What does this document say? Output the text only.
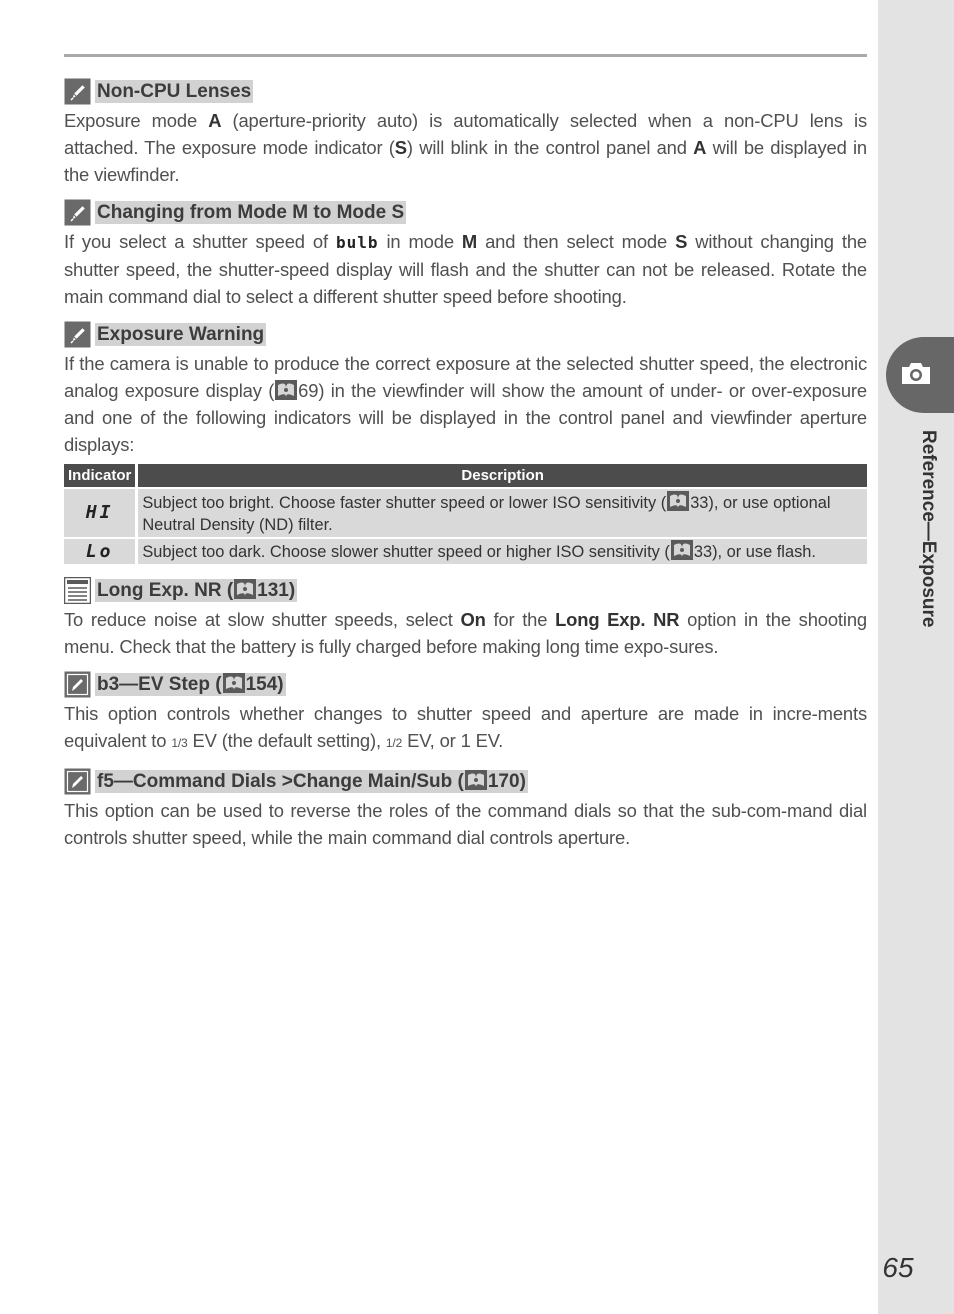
Non-CPU Lenses

Exposure mode A (aperture-priority auto) is automatically selected when a non-CPU lens is attached. The exposure mode indicator (S) will blink in the control panel and A will be displayed in the viewfinder.

Changing from Mode M to Mode S

If you select a shutter speed of bulb in mode M and then select mode S without changing the shutter speed, the shutter-speed display will flash and the shutter can not be released. Rotate the main command dial to select a different shutter speed before shooting.

Exposure Warning

If the camera is unable to produce the correct exposure at the selected shutter speed, the electronic analog exposure display ( 69) in the viewfinder will show the amount of under- or over-exposure and one of the following indicators will be displayed in the control panel and viewfinder aperture displays:

Indicator	Description
HI	Subject too bright. Choose faster shutter speed or lower ISO sensitivity ( 33), or use optional Neutral Density (ND) filter.
Lo	Subject too dark. Choose slower shutter speed or higher ISO sensitivity ( 33), or use flash.
Long Exp. NR ( 131)

To reduce noise at slow shutter speeds, select On for the Long Exp. NR option in the shooting menu. Check that the battery is fully charged before making long time expo-sures.

b3—EV Step ( 154)

This option controls whether changes to shutter speed and aperture are made in incre-ments equivalent to 1/3 EV (the default setting), 1/2 EV, or 1 EV.

f5—Command Dials >Change Main/Sub ( 170)

This option can be used to reverse the roles of the command dials so that the sub-com-mand dial controls shutter speed, while the main command dial controls aperture.

Reference—Exposure
65
